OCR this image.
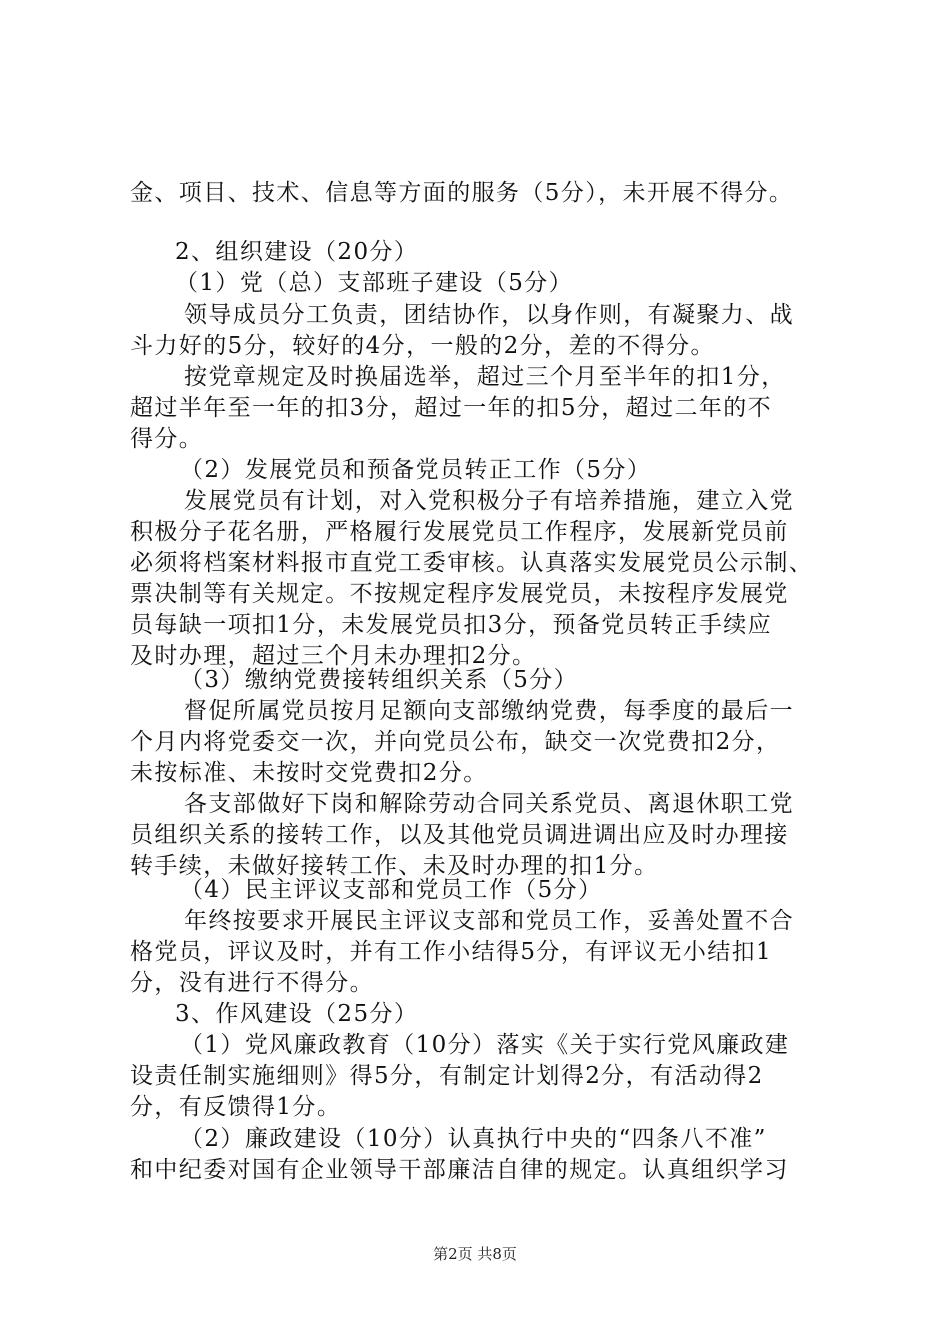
金、项目、技术、信息等方面的服务（5分），未开展不得分。
2、组织建设（20分）
（1）党（总）支部班子建设（5分）
领导成员分工负责，团结协作，以身作则，有凝聚力、战
斗力好的5分，较好的4分，一般的2分，差的不得分。
按党章规定及时换届选举，超过三个月至半年的扣1分，
超过半年至一年的扣3分，超过一年的扣5分，超过二年的不
得分。
（2）发展党员和预备党员转正工作（5分）
发展党员有计划，对入党积极分子有培养措施，建立入党
积极分子花名册，严格履行发展党员工作程序，发展新党员前
必须将档案材料报市直党工委审核。认真落实发展党员公示制、
票决制等有关规定。不按规定程序发展党员，未按程序发展党
员每缺一项扣1分，未发展党员扣3分，预备党员转正手续应
及时办理，超过三个月未办理扣2分。
（3）缴纳党费接转组织关系（5分）
督促所属党员按月足额向支部缴纳党费，每季度的最后一
个月内将党委交一次，并向党员公布，缺交一次党费扣2分，
未按标准、未按时交党费扣2分。
各支部做好下岗和解除劳动合同关系党员、离退休职工党
员组织关系的接转工作，以及其他党员调进调出应及时办理接
转手续，未做好接转工作、未及时办理的扣1分。
（4）民主评议支部和党员工作（5分）
年终按要求开展民主评议支部和党员工作，妥善处置不合
格党员，评议及时，并有工作小结得5分，有评议无小结扣1
分，没有进行不得分。
3、作风建设（25分）
（1）党风廉政教育（10分）落实《关于实行党风廉政建
设责任制实施细则》得5分，有制定计划得2分，有活动得2
分，有反馈得1分。
（2）廉政建设（10分）认真执行中央的“四条八不准”
和中纪委对国有企业领导干部廉洁自律的规定。认真组织学习
第2页 共8页
